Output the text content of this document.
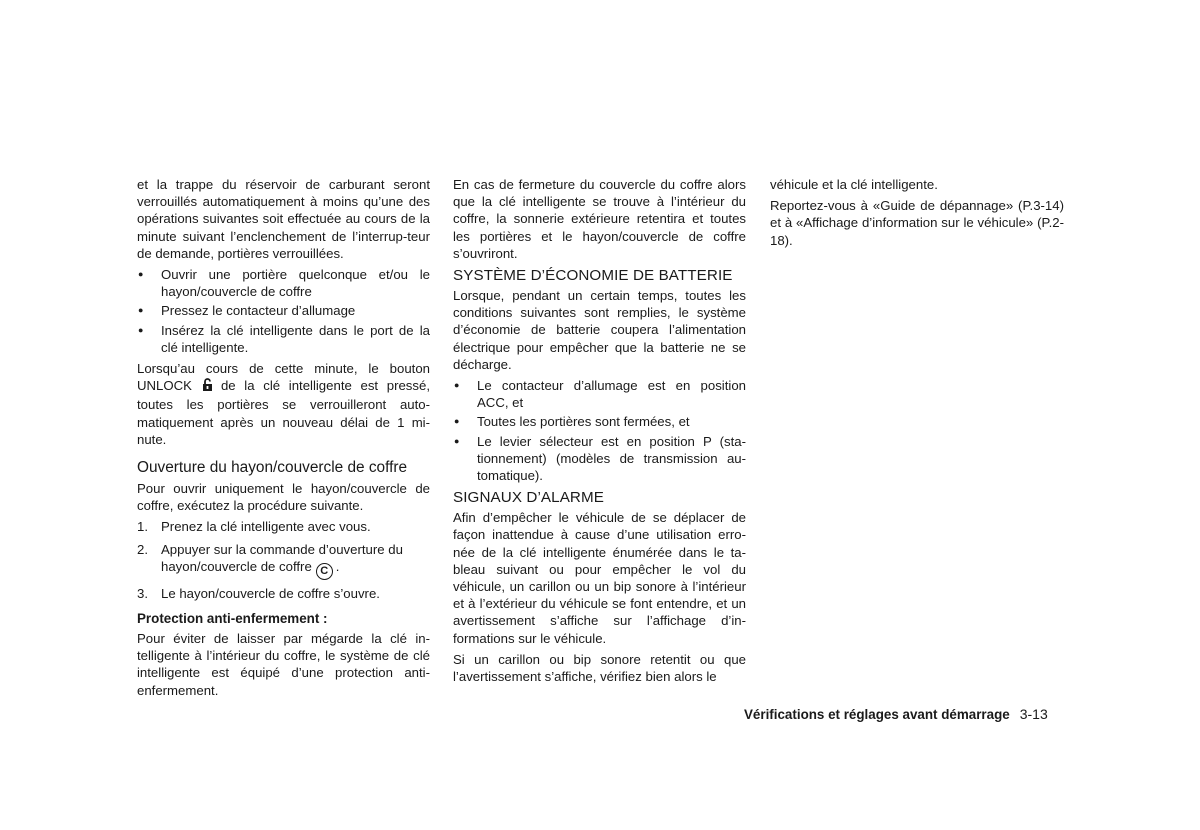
et la trappe du réservoir de carburant seront verrouillés automatiquement à moins qu’une des opérations suivantes soit effectuée au cours de la minute suivant l’enclenchement de l’interrup-teur de demande, portières verrouillées.

● Ouvrir une portière quelconque et/ou le hayon/couvercle de coffre
● Pressez le contacteur d’allumage
● Insérez la clé intelligente dans le port de la clé intelligente.

Lorsqu’au cours de cette minute, le bouton UNLOCK de la clé intelligente est pressé, toutes les portières se verrouilleront auto-matiquement après un nouveau délai de 1 mi-nute.

Ouverture du hayon/couvercle de coffre

Pour ouvrir uniquement le hayon/couvercle de coffre, exécutez la procédure suivante.

1. Prenez la clé intelligente avec vous.
2. Appuyer sur la commande d’ouverture du hayon/couvercle de coffre C .
3. Le hayon/couvercle de coffre s’ouvre.
Protection anti-enfermement :

Pour éviter de laisser par mégarde la clé in-telligente à l’intérieur du coffre, le système de clé intelligente est équipé d’une protection anti-enfermement.

En cas de fermeture du couvercle du coffre alors que la clé intelligente se trouve à l’intérieur du coffre, la sonnerie extérieure retentira et toutes les portières et le hayon/couvercle de coffre s’ouvriront.

SYSTÈME D’ÉCONOMIE DE BATTERIE

Lorsque, pendant un certain temps, toutes les conditions suivantes sont remplies, le système d’économie de batterie coupera l’alimentation électrique pour empêcher que la batterie ne se décharge.

● Le contacteur d’allumage est en position ACC, et
● Toutes les portières sont fermées, et
● Le levier sélecteur est en position P (sta-tionnement) (modèles de transmission au-tomatique).
SIGNAUX D’ALARME

Afin d’empêcher le véhicule de se déplacer de façon inattendue à cause d’une utilisation erro-née de la clé intelligente énumérée dans le ta-bleau suivant ou pour empêcher le vol du véhicule, un carillon ou un bip sonore à l’intérieur et à l’extérieur du véhicule se font entendre, et un avertissement s’affiche sur l’affichage d’in-formations sur le véhicule.

Si un carillon ou bip sonore retentit ou que l’avertissement s’affiche, vérifiez bien alors le

véhicule et la clé intelligente.

Reportez-vous à «Guide de dépannage» (P.3-14) et à «Affichage d’information sur le véhicule» (P.2-18).

Vérifications et réglages avant démarrage 3-13
